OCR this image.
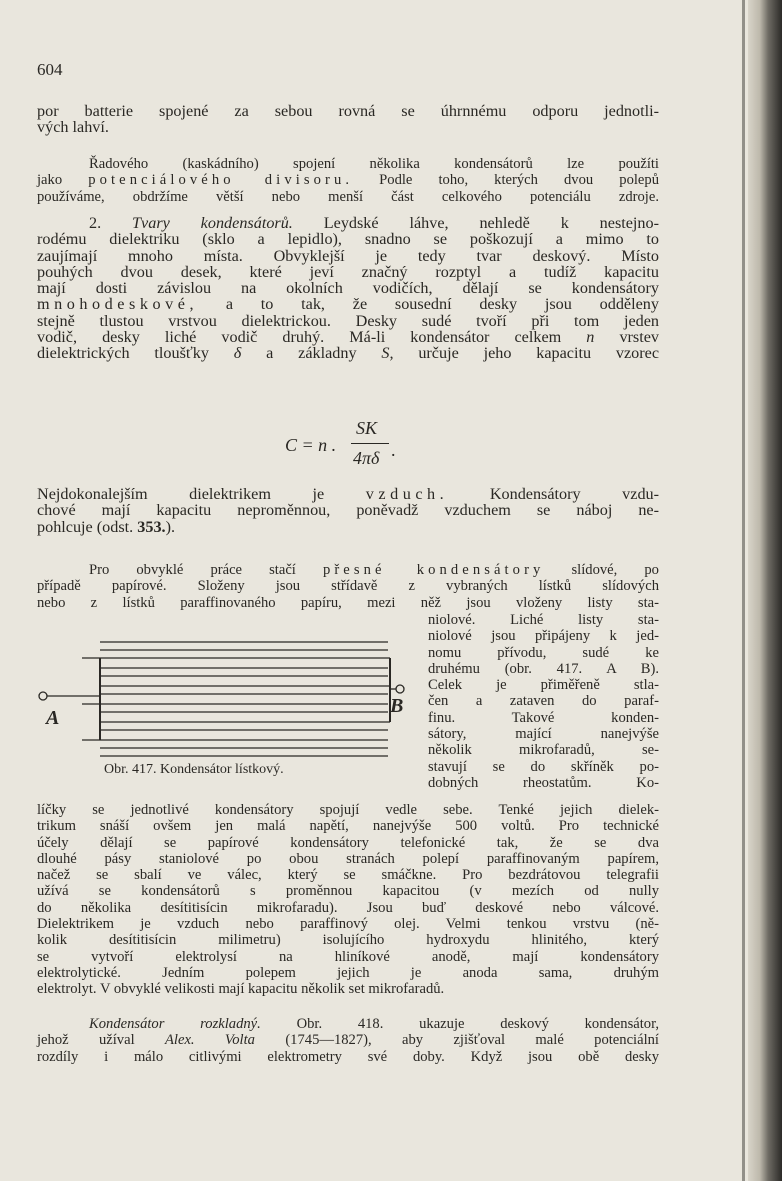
604
por batterie spojené za sebou rovná se úhrnnému odporu jednotli-
vých lahví.
Řadového (kaskádního) spojení několika kondensátorů lze použíti
jako potenciálového divisoru. Podle toho, kterých dvou polepů
používáme, obdržíme větší nebo menší část celkového potenciálu zdroje.
2. Tvary kondensátorů. Leydské láhve, nehledě k nestejno-
rodému dielektriku (sklo a lepidlo), snadno se poškozují a mimo to
zaujímají mnoho místa. Obvyklejší je tedy tvar deskový. Místo
pouhých dvou desek, které jeví značný rozptyl a tudíž kapacitu
mají dosti závislou na okolních vodičích, dělají se kondensátory
mnohodeskové, a to tak, že sousední desky jsou odděleny
stejně tlustou vrstvou dielektrickou. Desky sudé tvoří při tom jeden
vodič, desky liché vodič druhý. Má-li kondensátor celkem n vrstev
dielektrických tloušťky δ a základny S, určuje jeho kapacitu vzorec
C = n .
SK
4πδ .
Nejdokonalejším dielektrikem je	vzduch.	Kondensátory vzdu-
chové mají kapacitu neproměnnou, poněvadž vzduchem se náboj ne-
pohlcuje (odst. 353.).
Pro obvyklé práce stačí přesné kondensátory slídové, po
případě papírové. Složeny jsou střídavě z vybraných lístků slídových
nebo z lístků paraffinovaného papíru, mezi něž jsou vloženy listy sta-
niolové. Liché listy sta-
niolové jsou připájeny k jed-
nomu přívodu, sudé ke
druhému (obr. 417. A B).
Celek je přiměřeně stla-
čen a zataven do paraf-
finu. Takové konden-
sátory, mající nanejvýše
několik mikrofaradů, se-
stavují se do skříněk po-
dobných rheostatům. Ko-
A
B
Obr. 417. Kondensátor lístkový.
líčky se jednotlivé kondensátory spojují vedle sebe. Tenké jejich dielek-
trikum snáší ovšem jen malá napětí, nanejvýše 500 voltů. Pro technické
účely dělají se papírové kondensátory telefonické tak, že se dva
dlouhé pásy staniolové po obou stranách polepí paraffinovaným papírem,
načež se sbalí ve válec, který se smáčkne. Pro bezdrátovou telegrafii
užívá se kondensátorů s proměnnou kapacitou (v mezích od nully
do několika desítitisícin mikrofaradu). Jsou buď deskové nebo válcové.
Dielektrikem je vzduch nebo paraffinový olej. Velmi tenkou vrstvu (ně-
kolik desítitisícin milimetru) isolujícího hydroxydu hlinitého, který
se vytvoří elektrolysí na hliníkové anodě, mají kondensátory
elektrolytické. Jedním polepem jejich je anoda sama, druhým
elektrolyt. V obvyklé velikosti mají kapacitu několik set mikrofaradů.
Kondensátor rozkladný. Obr. 418. ukazuje deskový kondensátor,
jehož užíval Alex. Volta (1745—1827), aby zjišťoval malé potenciální
rozdíly i málo citlivými elektrometry své doby. Když jsou obě desky
